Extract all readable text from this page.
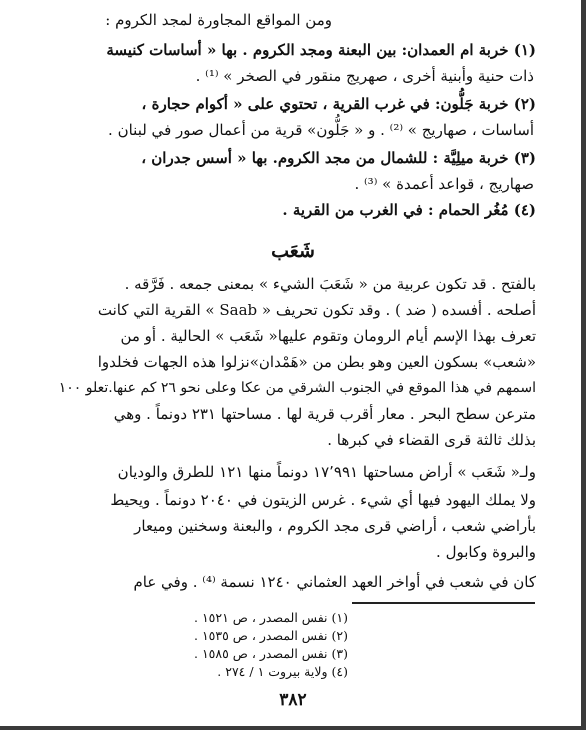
ومن المواقع المجاورة لمجد الكروم :
(١) خربة ام العمدان: بين البعنة ومجد الكروم . بها « أساسات كنيسة
ذات حنية وأبنية أخرى ، صهريج منقور في الصخر » ⁽¹⁾ .
(٢) خربة جَلُّون: في غرب القرية ، تحتوي على « أكوام حجارة ،
أساسات ، صهاريج » ⁽²⁾ . و « جَلُّون» قرية من أعمال صور في لبنان .
(٣) خربة ميلِيَّة : للشمال من مجد الكروم. بها « أسس جدران ،
صهاريج ، قواعد أعمدة » ⁽³⁾ .
(٤) مُغُر الحمام : في الغرب من القرية .
شَعَب
بالفتح . قد تكون عربية من « شَعَبَ الشيء » بمعنى جمعه . فَرَّقه .
أصلحه . أفسده ( ضد ) . وقد تكون تحريف « Saab » القرية التي كانت
تعرف بهذا الإسم أيام الرومان وتقوم عليها« شَعَب » الحالية . أو من
«شعب» بسكون العين وهو بطن من «هَمْدان»نزلوا هذه الجهات فخلدوا
اسمهم في هذا الموقع في الجنوب الشرقي من عكا وعلى نحو ٢٦ كم عنها.تعلو ١٠٠
مترعن سطح البحر . معار أقرب قرية لها . مساحتها ٢٣١ دونماً . وهي
بذلك ثالثة قرى القضاء في كبرها .
ولـ« شَعَب » أراض مساحتها ١٧٬٩٩١ دونماً منها ١٢١ للطرق والوديان
ولا يملك اليهود فيها أي شيء . غرس الزيتون في ٢٠٤٠ دونماً . ويحيط
بأراضي شعب ، أراضي قرى مجد الكروم ، والبعنة وسخنين وميعار
والبروة وكابول .
كان في شعب في أواخر العهد العثماني ١٢٤٠ نسمة ⁽⁴⁾ . وفي عام
(١) نفس المصدر ، ص ١٥٢١ .
(٢) نفس المصدر ، ص ١٥٣٥ .
(٣) نفس المصدر ، ص ١٥٨٥ .
(٤) ولاية بيروت ١ / ٢٧٤ .
٣٨٢
